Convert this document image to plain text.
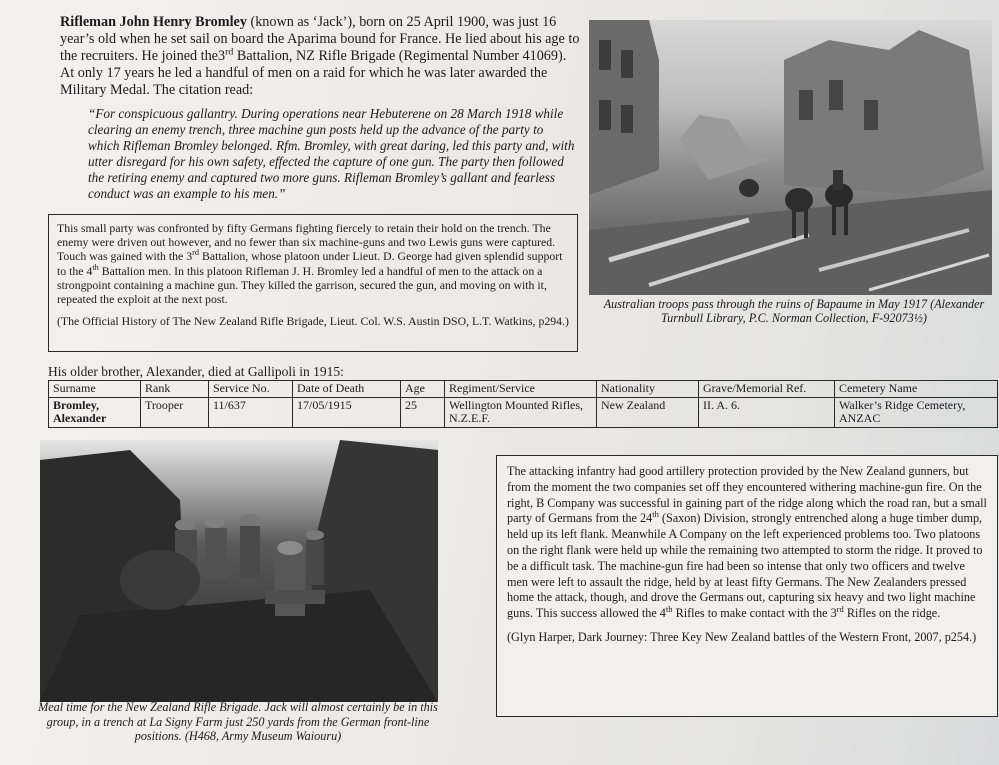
Rifleman John Henry Bromley (known as ‘Jack’), born on 25 April 1900, was just 16 year’s old when he set sail on board the Aparima bound for France. He lied about his age to the recruiters. He joined the3rd Battalion, NZ Rifle Brigade (Regimental Number 41069). At only 17 years he led a handful of men on a raid for which he was later awarded the Military Medal. The citation read:

“For conspicuous gallantry. During operations near Hebuterene on 28 March 1918 while clearing an enemy trench, three machine gun posts held up the advance of the party to which Rifleman Bromley belonged. Rfm. Bromley, with great daring, led this party and, with utter disregard for his own safety, effected the capture of one gun. The party then followed the retiring enemy and captured two more guns. Rifleman Bromley’s gallant and fearless conduct was an example to his men.”

This small party was confronted by fifty Germans fighting fiercely to retain their hold on the trench. The enemy were driven out however, and no fewer than six machine-guns and two Lewis guns were captured. Touch was gained with the 3rd Battalion, whose platoon under Lieut. D. George had given splendid support to the 4th Battalion men. In this platoon Rifleman J. H. Bromley led a handful of men to the attack on a strongpoint containing a machine gun. They killed the garrison, secured the gun, and moving on with it, repeated the exploit at the next post.

(The Official History of The New Zealand Rifle Brigade, Lieut. Col. W.S. Austin DSO, L.T. Watkins, p294.)

Australian troops pass through the ruins of Bapaume in May 1917 (Alexander Turnbull Library, P.C. Norman Collection, F-92073½)
His older brother, Alexander, died at Gallipoli in 1915:
Surname	Rank	Service No.	Date of Death	Age	Regiment/Service	Nationality	Grave/Memorial Ref.	Cemetery Name
Bromley, Alexander	Trooper	11/637	17/05/1915	25	Wellington Mounted Rifles, N.Z.E.F.	New Zealand	II. A. 6.	Walker’s Ridge Cemetery, ANZAC
Meal time for the New Zealand Rifle Brigade. Jack will almost certainly be in this group, in a trench at La Signy Farm just 250 yards from the German front-line positions. (H468, Army Museum Waiouru)

The attacking infantry had good artillery protection provided by the New Zealand gunners, but from the moment the two companies set off they encountered withering machine-gun fire. On the right, B Company was successful in gaining part of the ridge along which the road ran, but a small party of Germans from the 24th (Saxon) Division, strongly entrenched along a huge timber dump, held up its left flank. Meanwhile A Company on the left experienced problems too. Two platoons on the right flank were held up while the remaining two attempted to storm the ridge. It proved to be a difficult task. The machine-gun fire had been so intense that only two officers and twelve men were left to assault the ridge, held by at least fifty Germans. The New Zealanders pressed home the attack, though, and drove the Germans out, capturing six heavy and two light machine guns. This success allowed the 4th Rifles to make contact with the 3rd Rifles on the ridge.

(Glyn Harper, Dark Journey: Three Key New Zealand battles of the Western Front, 2007, p254.)
